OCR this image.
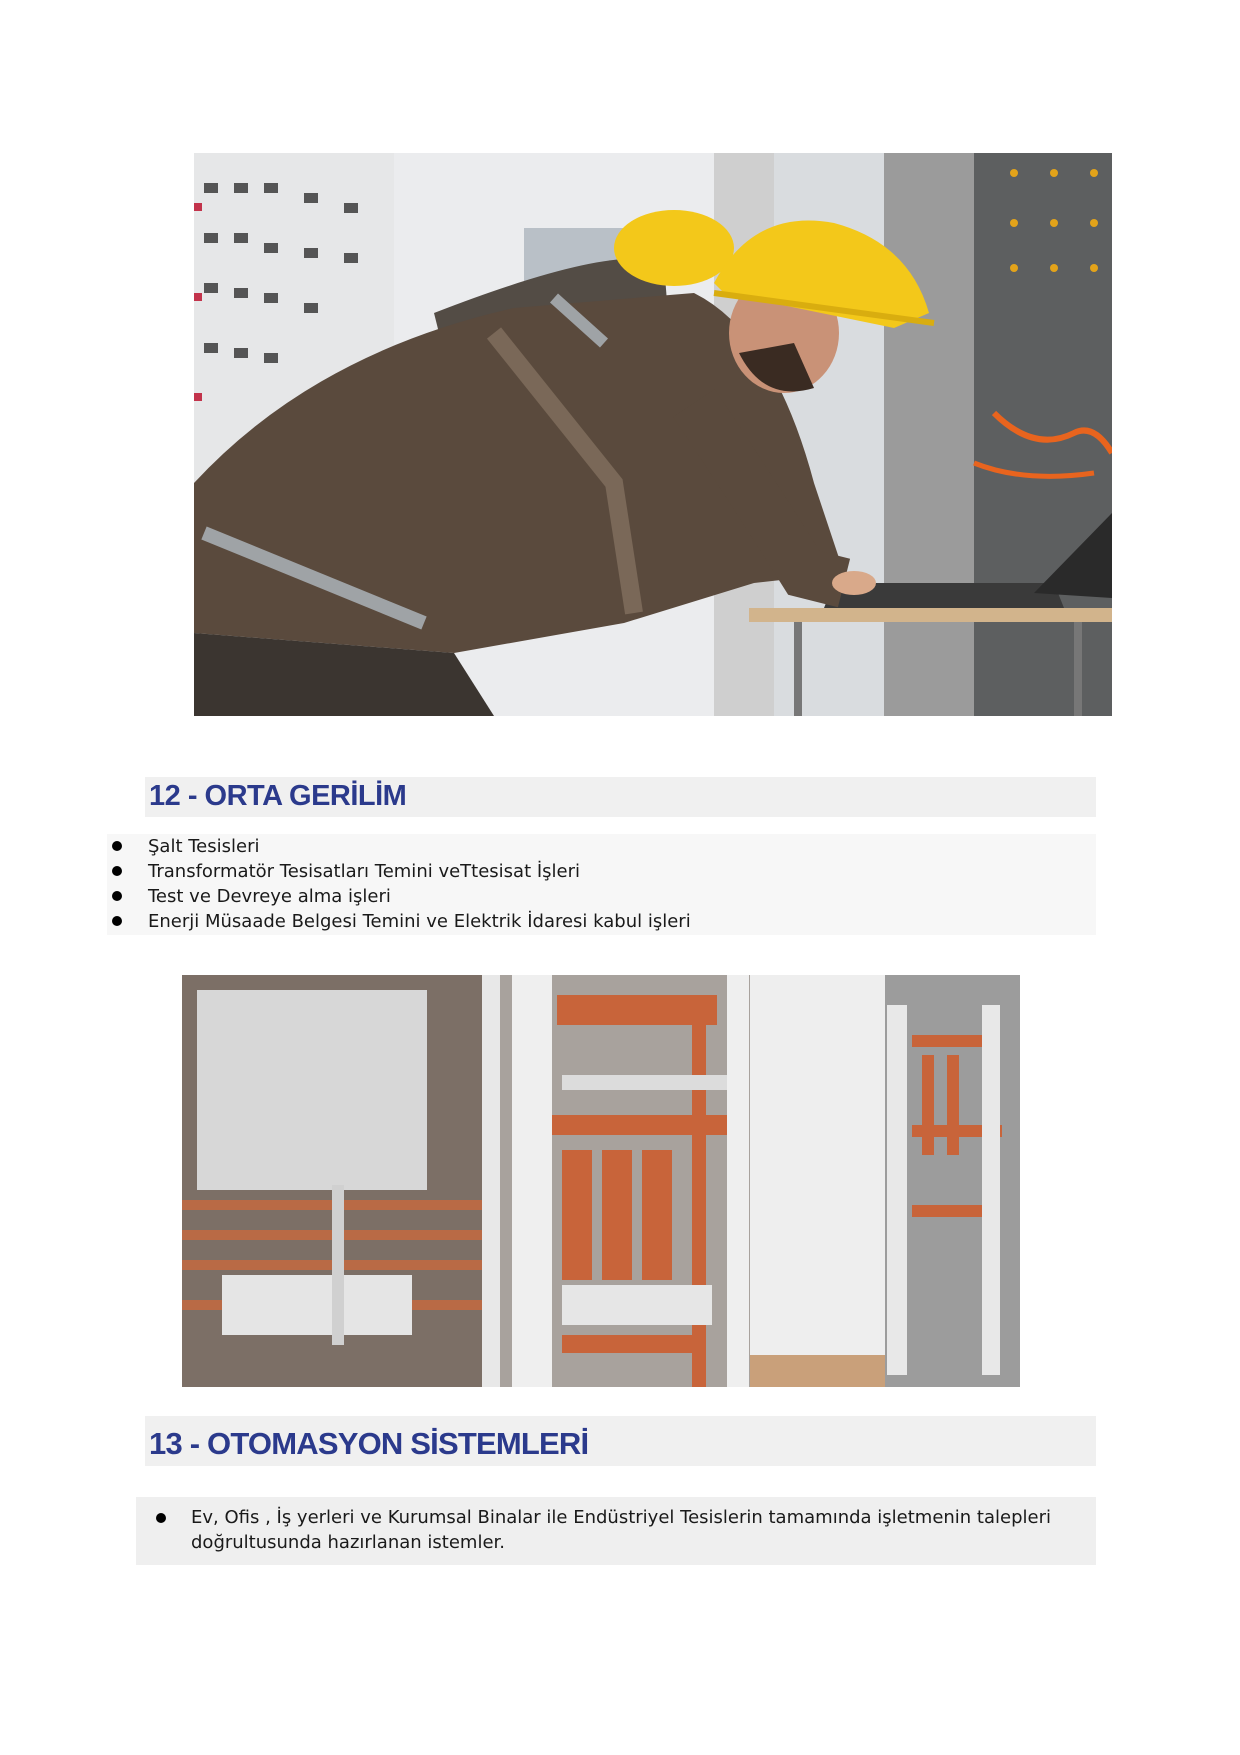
12 - ORTA GERİLİM
Şalt Tesisleri
Transformatör Tesisatları Temini veTtesisat İşleri
Test ve Devreye alma işleri
Enerji Müsaade Belgesi Temini ve Elektrik İdaresi kabul işleri
13 - OTOMASYON SİSTEMLERİ
Ev, Ofis , İş yerleri ve Kurumsal Binalar ile Endüstriyel Tesislerin tamamında işletmenin talepleri doğrultusunda hazırlanan istemler.
